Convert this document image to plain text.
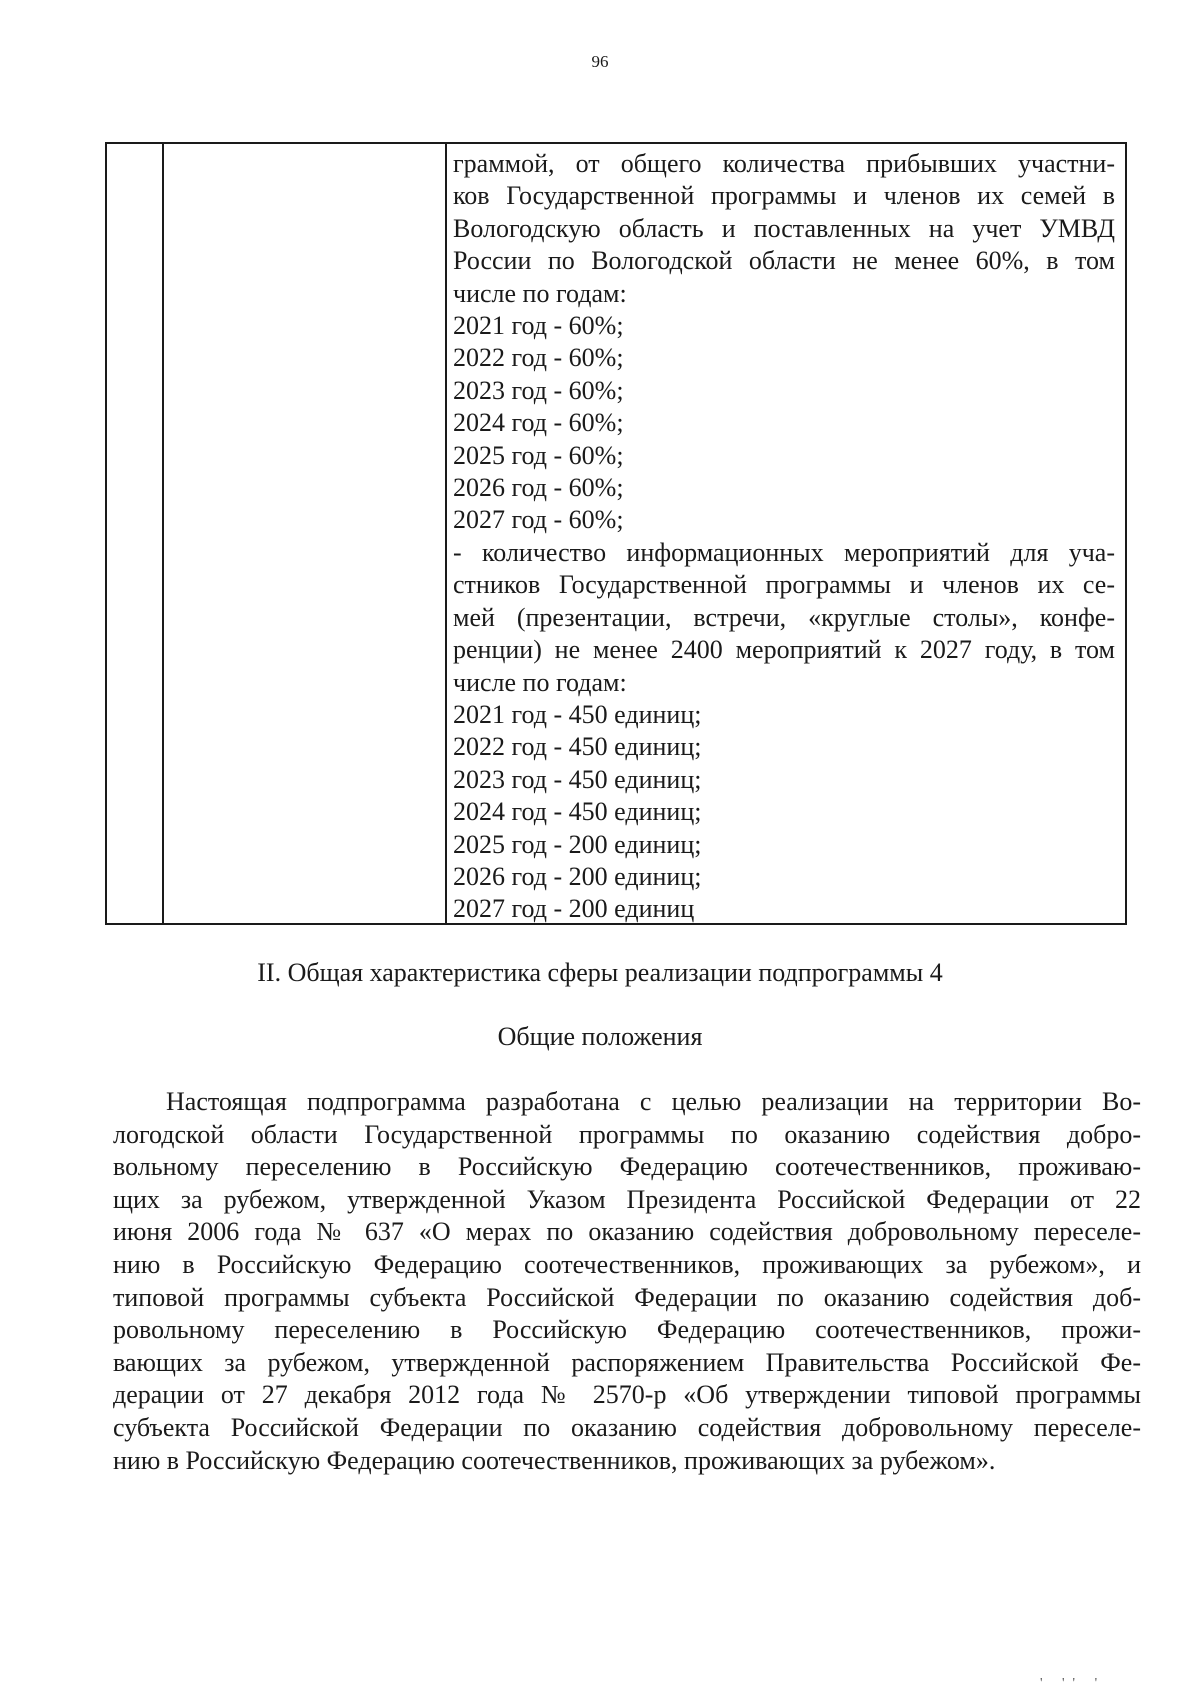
96
граммой, от общего количества прибывших участни-
ков Государственной программы и членов их семей в
Вологодскую область и поставленных на учет УМВД
России по Вологодской области не менее 60%, в том
числе по годам:
2021 год - 60%;
2022 год - 60%;
2023 год - 60%;
2024 год - 60%;
2025 год - 60%;
2026 год - 60%;
2027 год - 60%;
- количество информационных мероприятий для уча-
стников Государственной программы и членов их се-
мей (презентации, встречи, «круглые столы», конфе-
ренции) не менее 2400 мероприятий к 2027 году, в том
числе по годам:
2021 год - 450 единиц;
2022 год - 450 единиц;
2023 год - 450 единиц;
2024 год - 450 единиц;
2025 год - 200 единиц;
2026 год - 200 единиц;
2027 год - 200 единиц
II. Общая характеристика сферы реализации подпрограммы 4
Общие положения
Настоящая подпрограмма разработана с целью реализации на территории Во-
логодской области Государственной программы по оказанию содействия добро-
вольному переселению в Российскую Федерацию соотечественников, проживаю-
щих за рубежом, утвержденной Указом Президента Российской Федерации от 22
июня 2006 года № 637 «О мерах по оказанию содействия добровольному переселе-
нию в Российскую Федерацию соотечественников, проживающих за рубежом», и
типовой программы субъекта Российской Федерации по оказанию содействия доб-
ровольному переселению в Российскую Федерацию соотечественников, прожи-
вающих за рубежом, утвержденной распоряжением Правительства Российской Фе-
дерации от 27 декабря 2012 года № 2570-р «Об утверждении типовой программы
субъекта Российской Федерации по оказанию содействия добровольному переселе-
нию в Российскую Федерацию соотечественников, проживающих за рубежом».
' '' '
